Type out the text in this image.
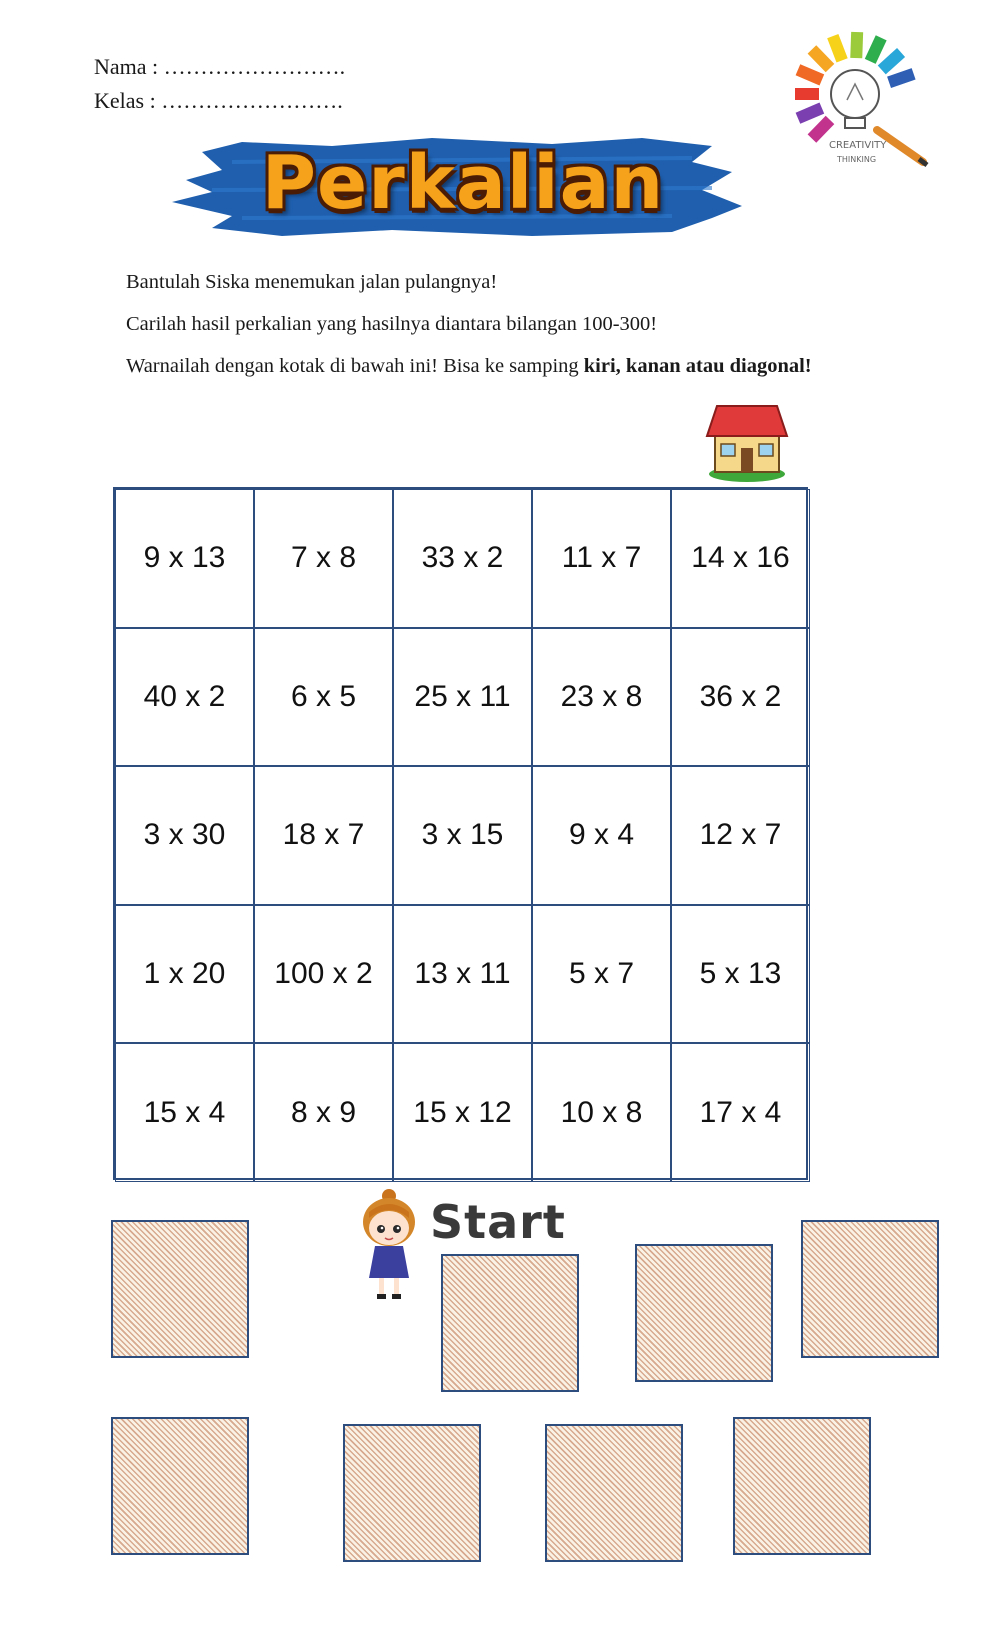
Nama : …………………….
Kelas : …………………….
CREATIVITY
THINKING
Perkalian
Bantulah Siska menemukan jalan pulangnya!
Carilah hasil perkalian yang hasilnya diantara bilangan 100-300!
Warnailah dengan kotak di bawah ini! Bisa ke samping kiri, kanan atau diagonal!
9 x 13	7 x 8	33 x 2	11 x 7	14 x 16
40 x 2	6 x 5	25 x 11	23 x 8	36 x 2
3 x 30	18 x 7	3 x 15	9 x 4	12 x 7
1 x 20	100 x 2	13 x 11	5 x 7	5 x 13
15 x 4	8 x 9	15 x 12	10 x 8	17 x 4
Start
